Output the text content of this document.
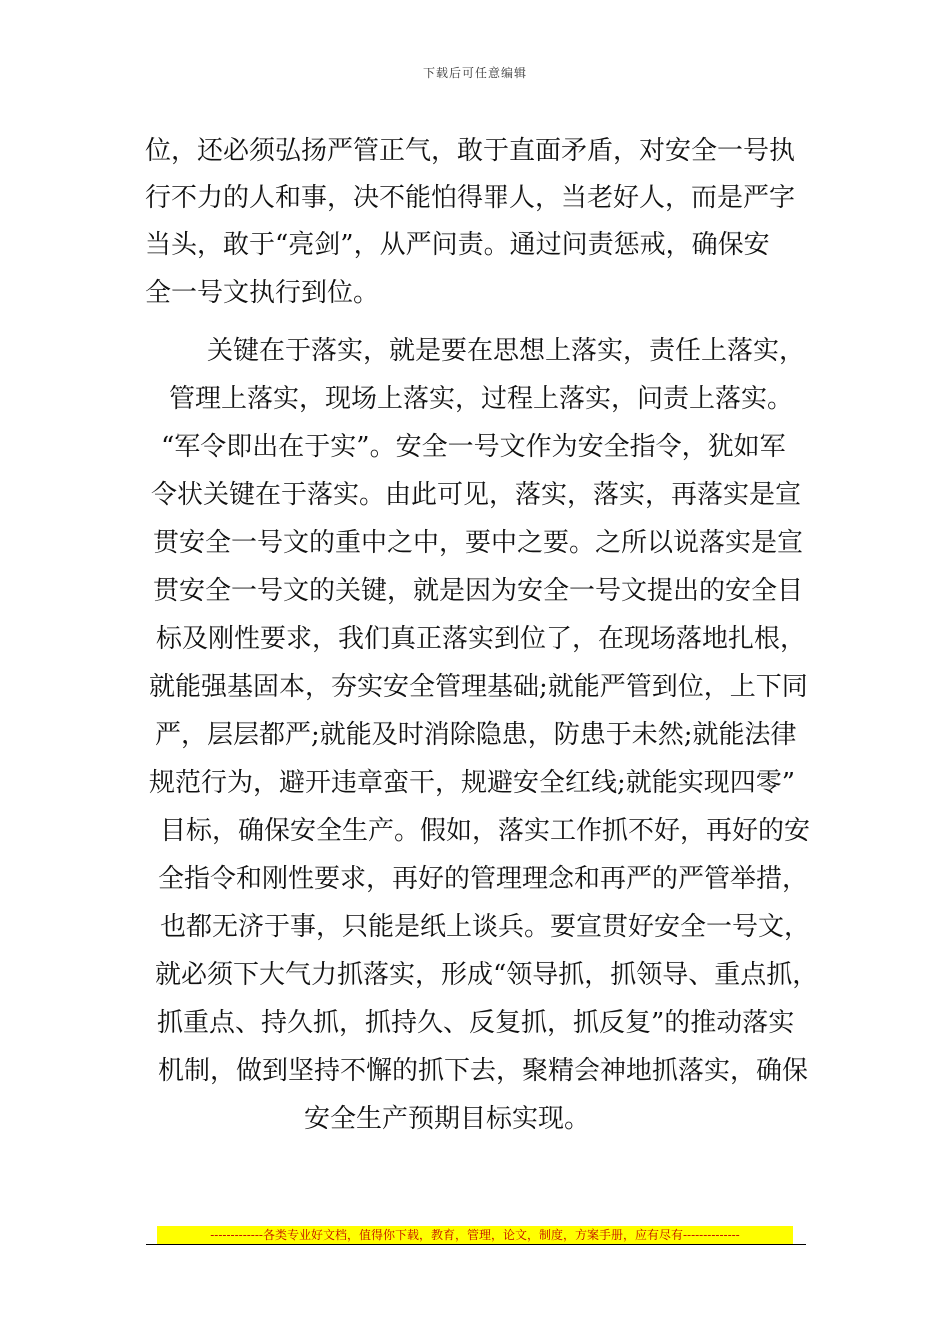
下载后可任意编辑
位，还必须弘扬严管正气，敢于直面矛盾，对安全一号执
行不力的人和事，决不能怕得罪人，当老好人，而是严字
当头，敢于“亮剑”，从严问责。通过问责惩戒，确保安
全一号文执行到位。
关键在于落实，就是要在思想上落实，责任上落实，
管理上落实，现场上落实，过程上落实，问责上落实。
“军令即出在于实”。安全一号文作为安全指令，犹如军
令状关键在于落实。由此可见，落实，落实，再落实是宣
贯安全一号文的重中之中，要中之要。之所以说落实是宣
贯安全一号文的关键，就是因为安全一号文提出的安全目
标及刚性要求，我们真正落实到位了，在现场落地扎根，
就能强基固本，夯实安全管理基础;就能严管到位，上下同
严，层层都严;就能及时消除隐患，防患于未然;就能法律
规范行为，避开违章蛮干，规避安全红线;就能实现四零”
目标，确保安全生产。假如，落实工作抓不好，再好的安
全指令和刚性要求，再好的管理理念和再严的严管举措，
也都无济于事，只能是纸上谈兵。要宣贯好安全一号文，
就必须下大气力抓落实，形成“领导抓，抓领导、重点抓，
抓重点、持久抓，抓持久、反复抓，抓反复”的推动落实
机制，做到坚持不懈的抓下去，聚精会神地抓落实，确保
安全生产预期目标实现。
-------------各类专业好文档，值得你下载，教育，管理，论文，制度，方案手册，应有尽有--------------
